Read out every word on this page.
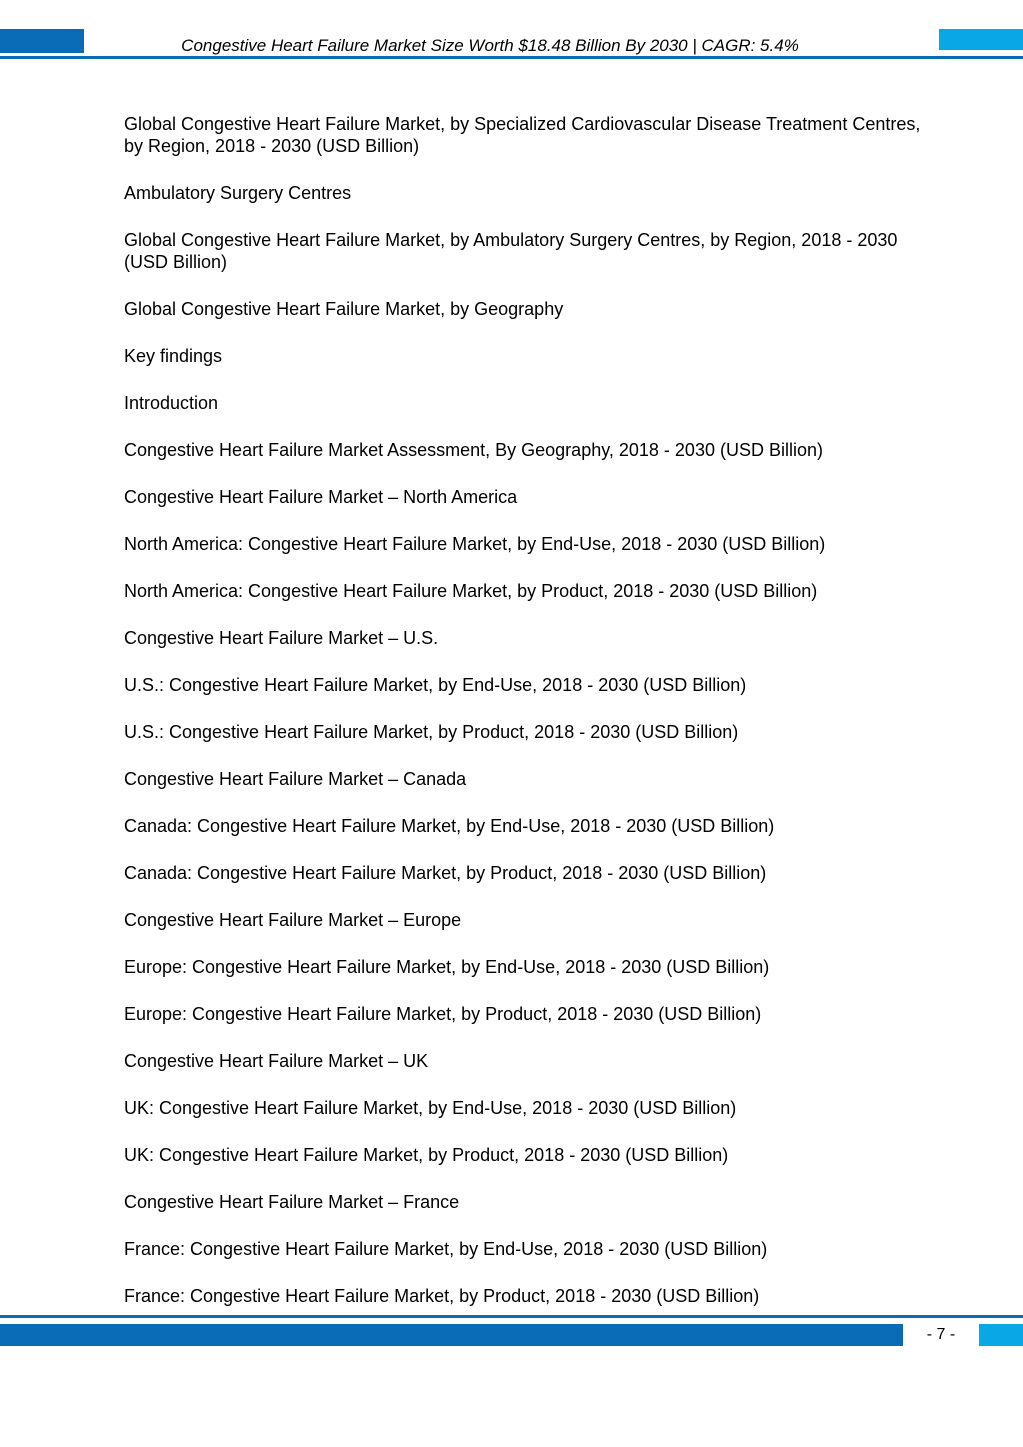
Congestive Heart Failure Market Size Worth $18.48 Billion By 2030 | CAGR: 5.4%

Global Congestive Heart Failure Market, by Specialized Cardiovascular Disease Treatment Centres, by Region, 2018 - 2030 (USD Billion)

Ambulatory Surgery Centres

Global Congestive Heart Failure Market, by Ambulatory Surgery Centres, by Region, 2018 - 2030 (USD Billion)

Global Congestive Heart Failure Market, by Geography

Key findings

Introduction

Congestive Heart Failure Market Assessment, By Geography, 2018 - 2030 (USD Billion)

Congestive Heart Failure Market – North America

North America: Congestive Heart Failure Market, by End-Use, 2018 - 2030 (USD Billion)

North America: Congestive Heart Failure Market, by Product, 2018 - 2030 (USD Billion)

Congestive Heart Failure Market – U.S.

U.S.: Congestive Heart Failure Market, by End-Use, 2018 - 2030 (USD Billion)

U.S.: Congestive Heart Failure Market, by Product, 2018 - 2030 (USD Billion)

Congestive Heart Failure Market – Canada

Canada: Congestive Heart Failure Market, by End-Use, 2018 - 2030 (USD Billion)

Canada: Congestive Heart Failure Market, by Product, 2018 - 2030 (USD Billion)

Congestive Heart Failure Market – Europe

Europe: Congestive Heart Failure Market, by End-Use, 2018 - 2030 (USD Billion)

Europe: Congestive Heart Failure Market, by Product, 2018 - 2030 (USD Billion)

Congestive Heart Failure Market – UK

UK: Congestive Heart Failure Market, by End-Use, 2018 - 2030 (USD Billion)

UK: Congestive Heart Failure Market, by Product, 2018 - 2030 (USD Billion)

Congestive Heart Failure Market – France

France: Congestive Heart Failure Market, by End-Use, 2018 - 2030 (USD Billion)

France: Congestive Heart Failure Market, by Product, 2018 - 2030 (USD Billion)

- 7 -
